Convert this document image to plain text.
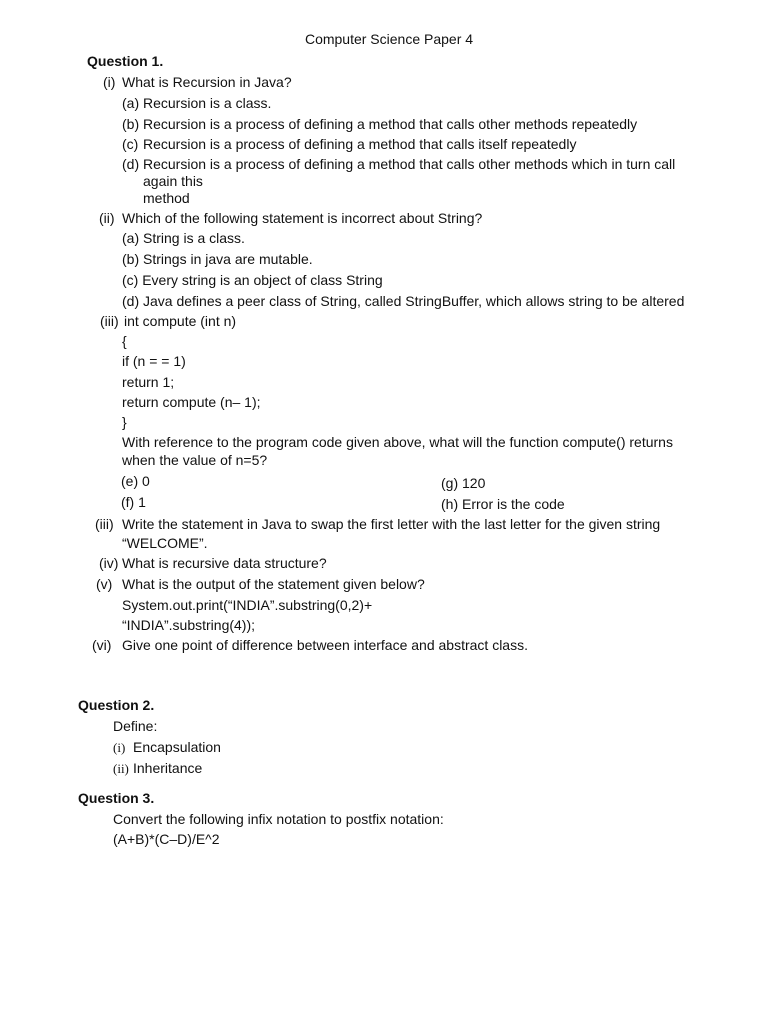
Computer Science Paper 4
Question 1.
(i) What is Recursion in Java?
(a) Recursion is a class.
(b) Recursion is a process of defining a method that calls other methods repeatedly
(c) Recursion is a process of defining a method that calls itself repeatedly
(d) Recursion is a process of defining a method that calls other methods which in turn call
again this
method
(ii) Which of the following statement is incorrect about String?
(a) String is a class.
(b) Strings in java are mutable.
(c) Every string is an object of class String
(d) Java defines a peer class of String, called StringBuffer, which allows string to be altered
(iii) int compute (int n)
{
if (n = = 1)
return 1;
return compute (n– 1);
}
With reference to the program code given above, what will the function compute() returns
when the value of n=5?
(e) 0
(f) 1
(g) 120
(h) Error is the code
(iii) Write the statement in Java to swap the first letter with the last letter for the given string
“WELCOME”.
(iv) What is recursive data structure?
(v) What is the output of the statement given below?
System.out.print(“INDIA”.substring(0,2)+
“INDIA”.substring(4));
(vi) Give one point of difference between interface and abstract class.
Question 2.
Define:
(i) Encapsulation
(ii) Inheritance
Question 3.
Convert the following infix notation to postfix notation:
(A+B)*(C–D)/E^2
